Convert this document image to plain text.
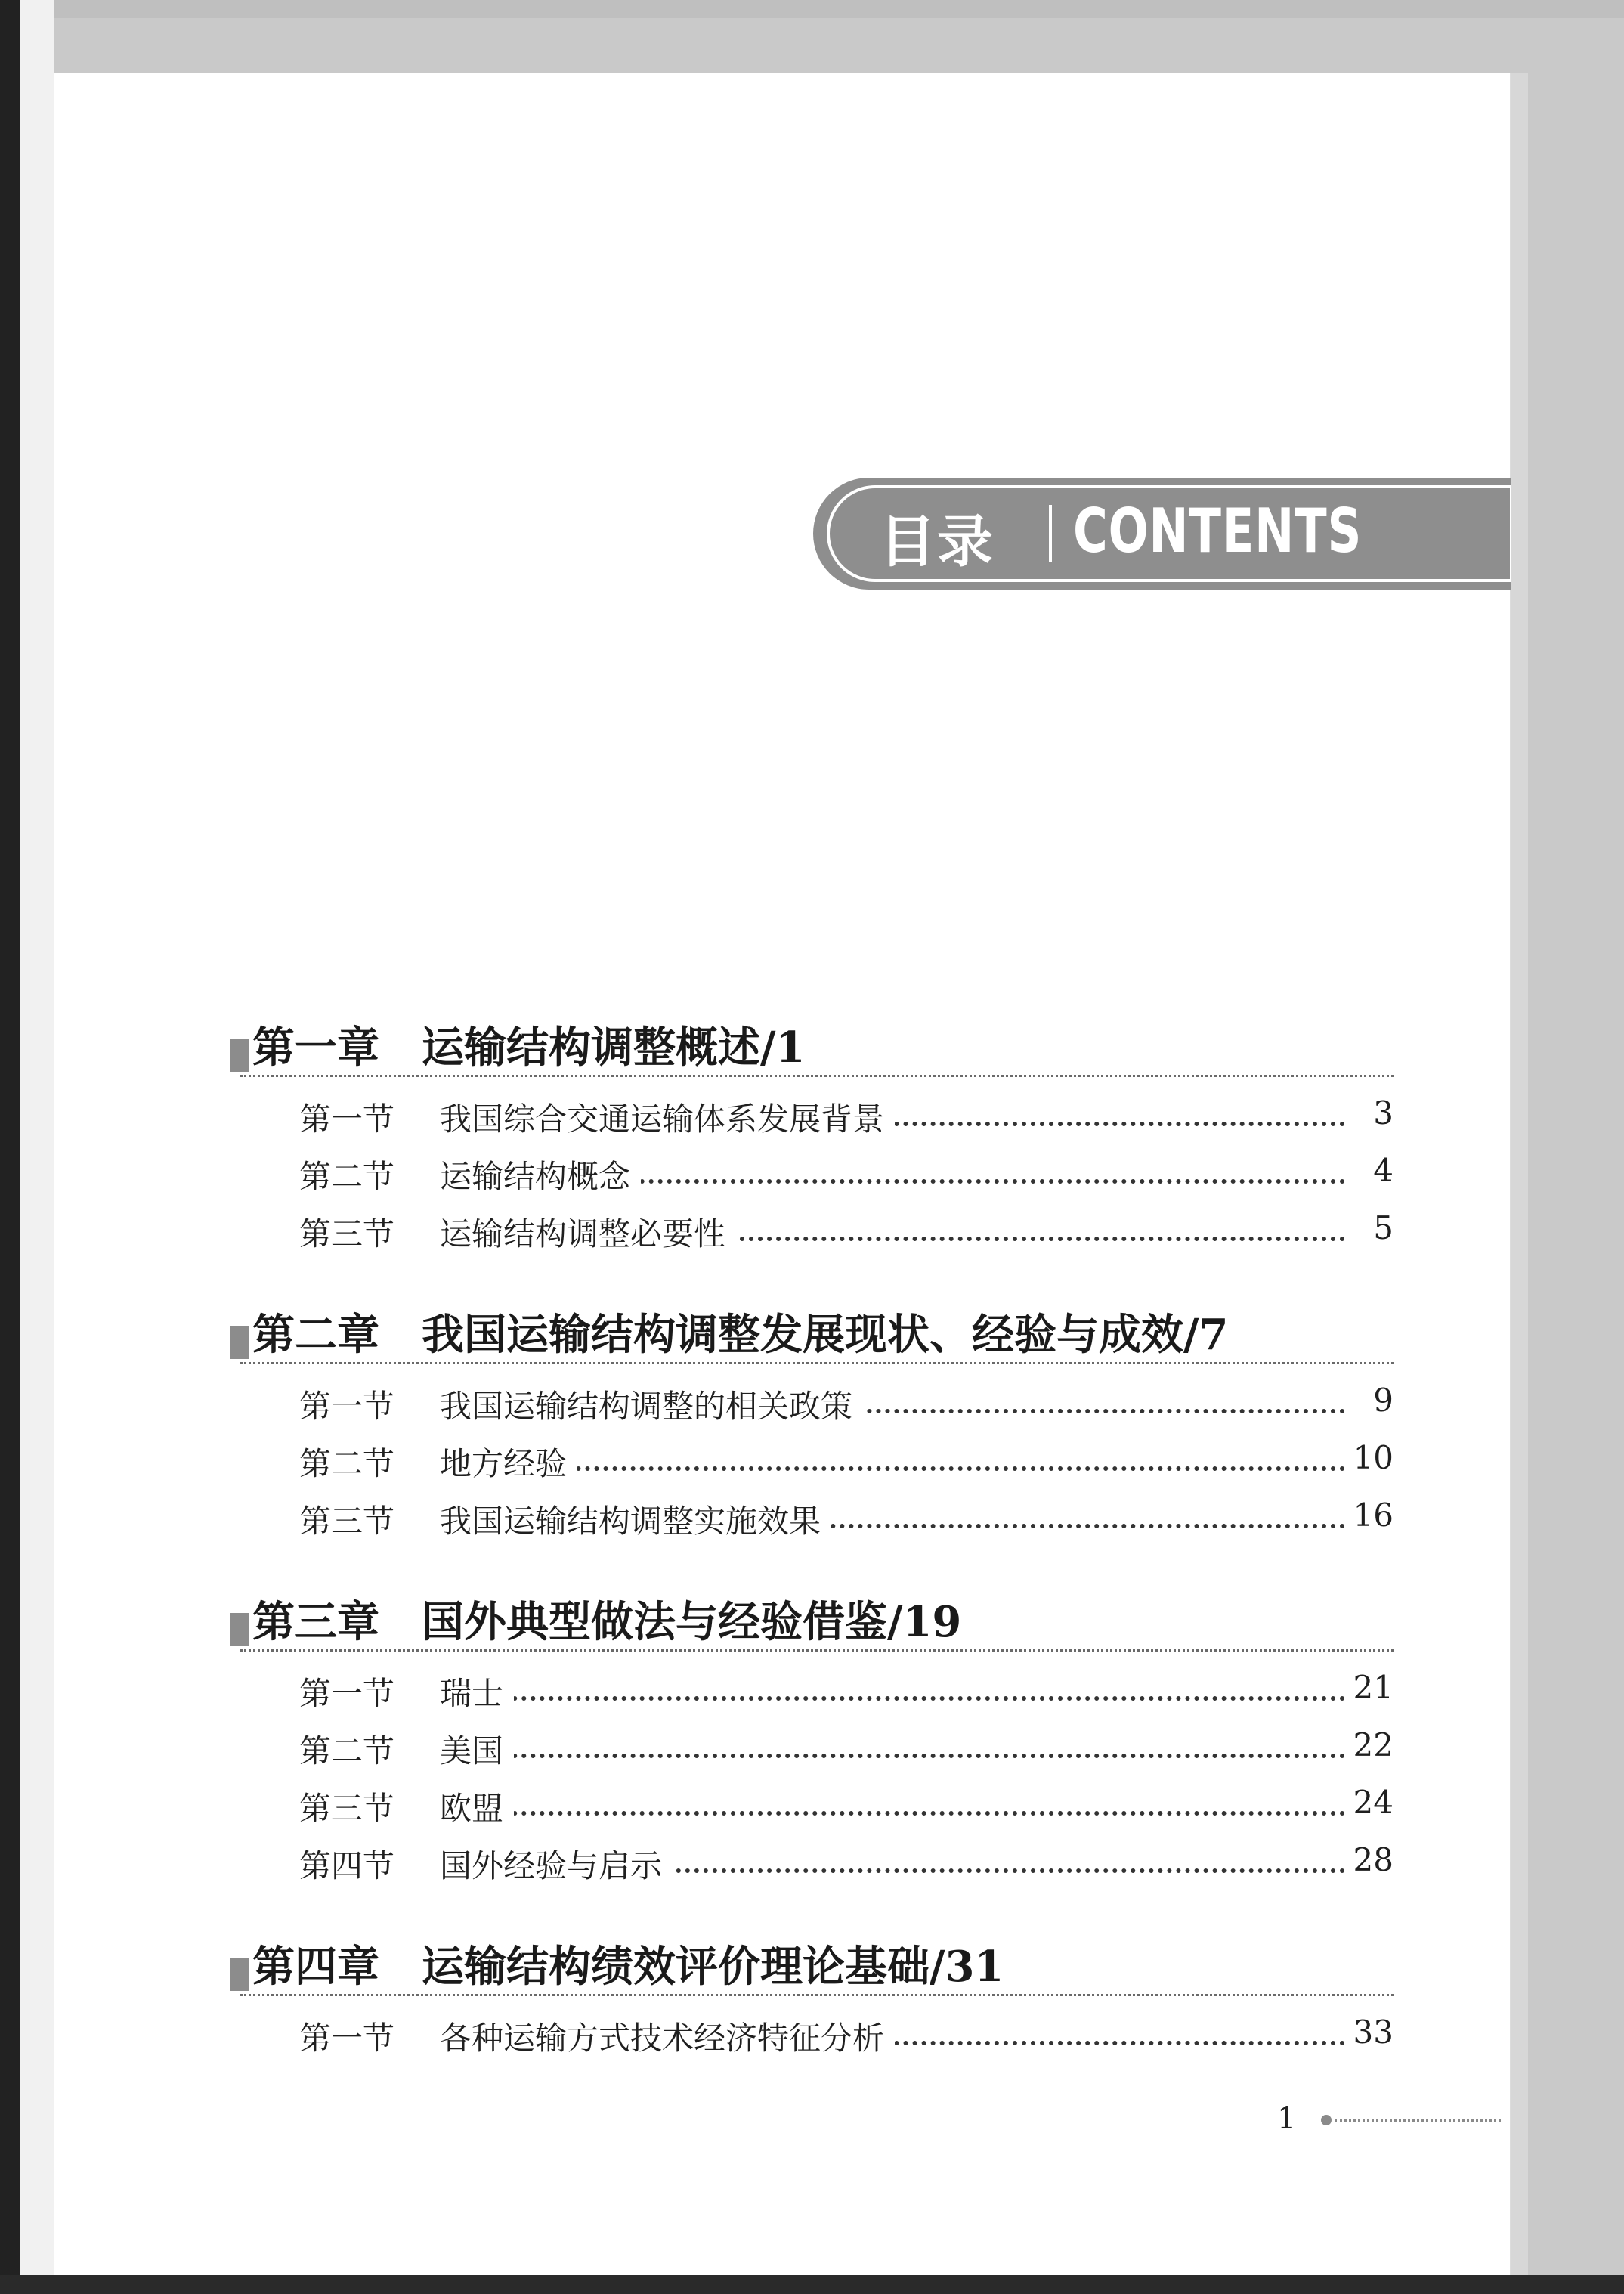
目录 CONTENTS
第一章 运输结构调整概述/1
第一节 我国综合交通运输体系发展背景	3
第二节 运输结构概念	4
第三节 运输结构调整必要性	5
第二章 我国运输结构调整发展现状、经验与成效/7
第一节 我国运输结构调整的相关政策	9
第二节 地方经验	10
第三节 我国运输结构调整实施效果	16
第三章 国外典型做法与经验借鉴/19
第一节 瑞士	21
第二节 美国	22
第三节 欧盟	24
第四节 国外经验与启示	28
第四章 运输结构绩效评价理论基础/31
第一节 各种运输方式技术经济特征分析	33
1
